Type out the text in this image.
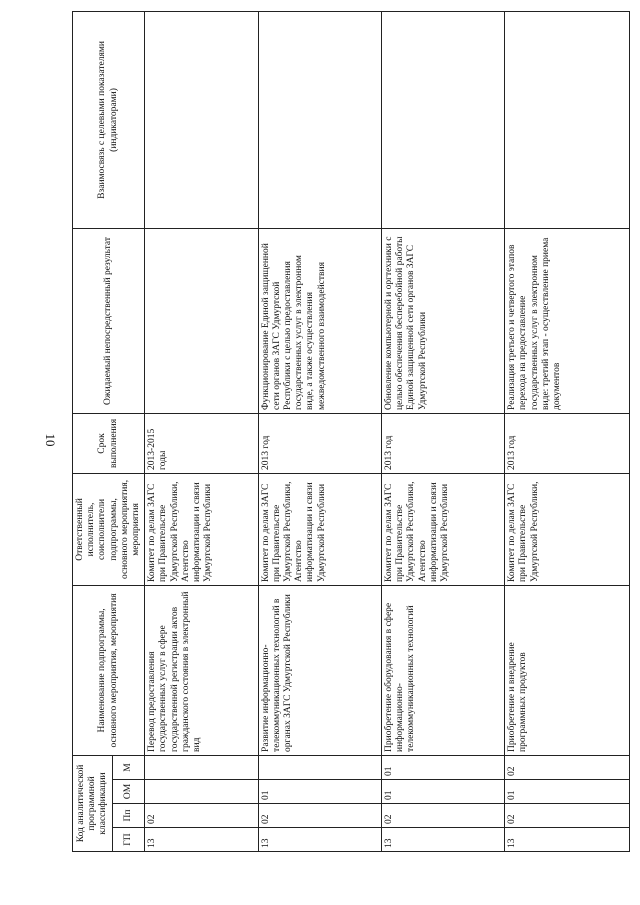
10
Код аналитической программной классификации				Наименование подпрограммы, основного мероприятия, мероприятия	Ответственный исполнитель, соисполнители подпрограммы, основного мероприятия, мероприятия	Срок выполнения	Ожидаемый непосредственный результат	Взаимосвязь с целевыми показателями (индикаторами)
ГП	Пп	ОМ	М					
13	02			Перевод предоставления государственных услуг в сфере государственной регистрации актов гражданского состояния в электронный вид	Комитет по делам ЗАГС при Правительстве Удмуртской Республики, Агентство информатизации и связи Удмуртской Республики	2013-2015 годы		
13	02	01		Развитие информационно-телекоммуникационных технологий в органах ЗАГС Удмуртской Республики	Комитет по делам ЗАГС при Правительстве Удмуртской Республики, Агентство информатизации и связи Удмуртской Республики	2013 год	Функционирование Единой защищенной сети органов ЗАГС Удмуртской Республики с целью предоставления государственных услуг в электронном виде, а также осуществления межведомственного взаимодействия	
13	02	01	01	Приобретение оборудования в сфере информационно-телекоммуникационных технологий	Комитет по делам ЗАГС при Правительстве Удмуртской Республики, Агентство информатизации и связи Удмуртской Республики	2013 год	Обновление компьютерной и оргтехники с целью обеспечения бесперебойной работы Единой защищенной сети органов ЗАГС Удмуртской Республики	
13	02	01	02	Приобретение и внедрение программных продуктов	Комитет по делам ЗАГС при Правительстве Удмуртской Республики,	2013 год	Реализация третьего и четвертого этапов перехода на предоставление государственных услуг в электронном виде: третий этап - осуществление приема документов	
